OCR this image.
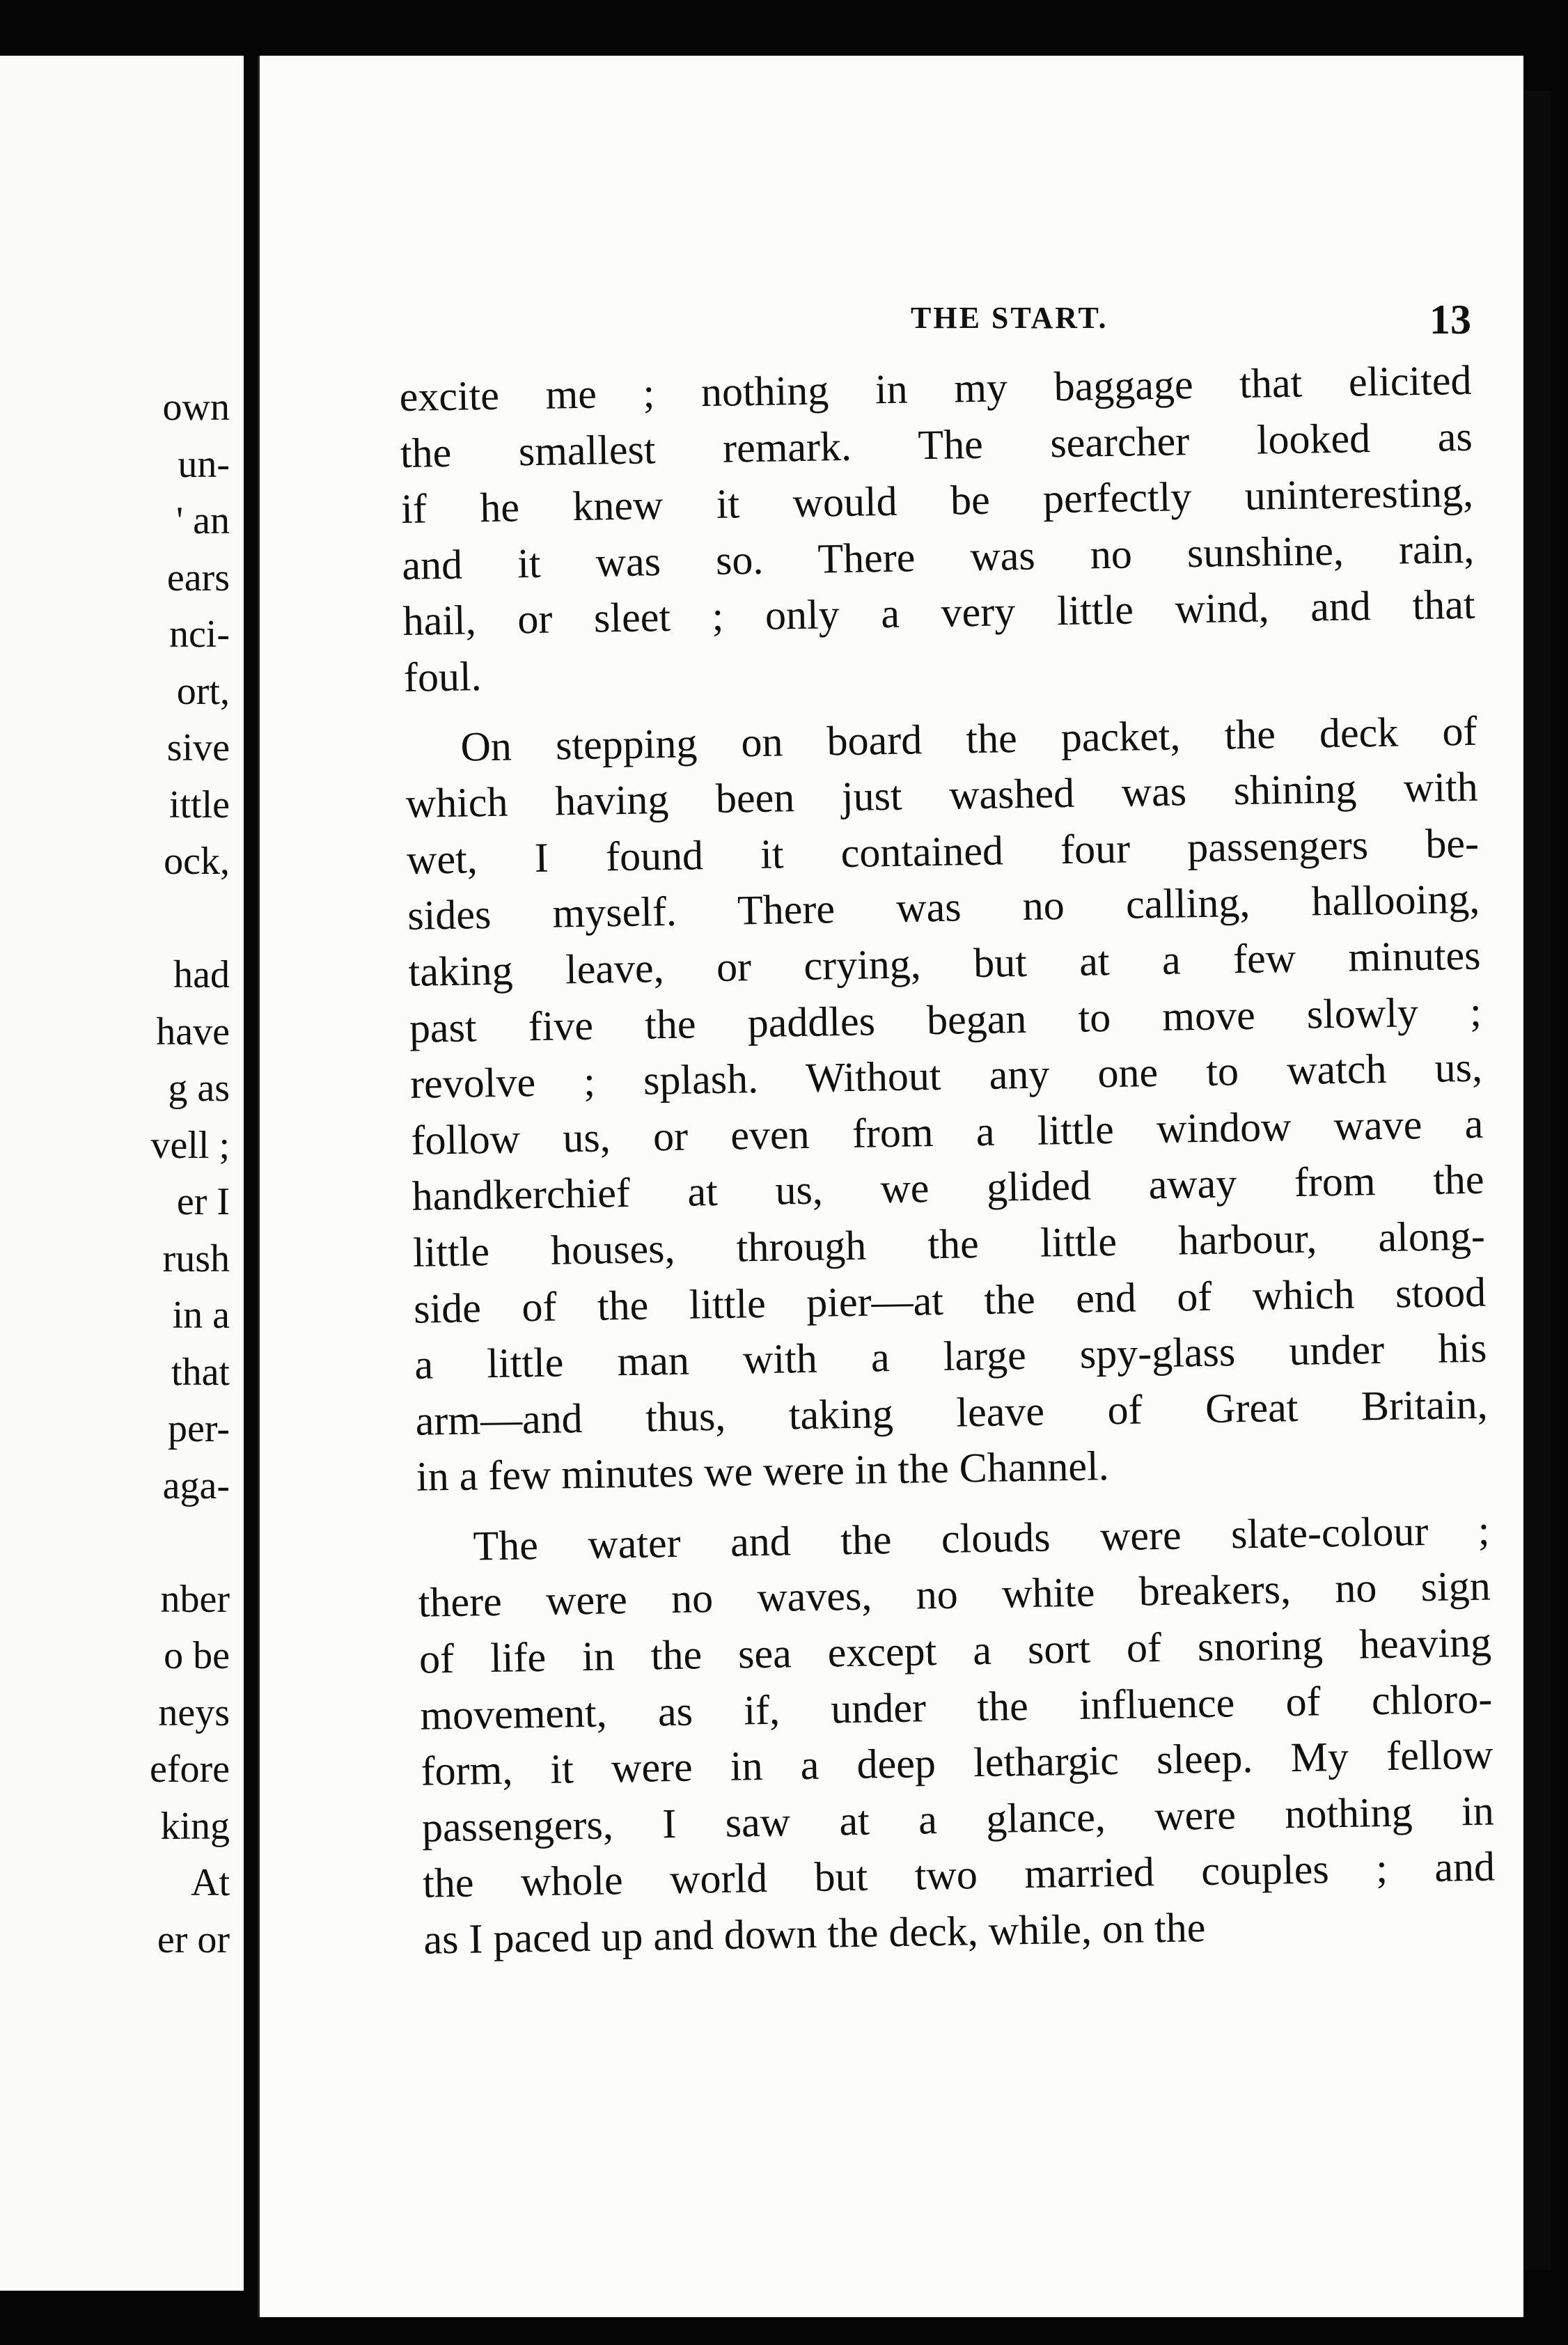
own
un-
' an
ears
nci-
ort,
sive
ittle
ock,
had
have
g as
vell ;
er I
rush
in a
that
per-
aga-
nber
o be
neys
efore
king
At
er or
THE START.	13
excite me ; nothing in my baggage that elicited
the smallest remark. The searcher looked as
if he knew it would be perfectly uninteresting,
and it was so. There was no sunshine, rain,
hail, or sleet ; only a very little wind, and that
foul.
On stepping on board the packet, the deck of
which having been just washed was shining with
wet, I found it contained four passengers be-
sides myself. There was no calling, hallooing,
taking leave, or crying, but at a few minutes
past five the paddles began to move slowly ;
revolve ; splash. Without any one to watch us,
follow us, or even from a little window wave a
handkerchief at us, we glided away from the
little houses, through the little harbour, along-
side of the little pier—at the end of which stood
a little man with a large spy-glass under his
arm—and thus, taking leave of Great Britain,
in a few minutes we were in the Channel.
The water and the clouds were slate-colour ;
there were no waves, no white breakers, no sign
of life in the sea except a sort of snoring heaving
movement, as if, under the influence of chloro-
form, it were in a deep lethargic sleep. My fellow
passengers, I saw at a glance, were nothing in
the whole world but two married couples ; and
as I paced up and down the deck, while, on the
